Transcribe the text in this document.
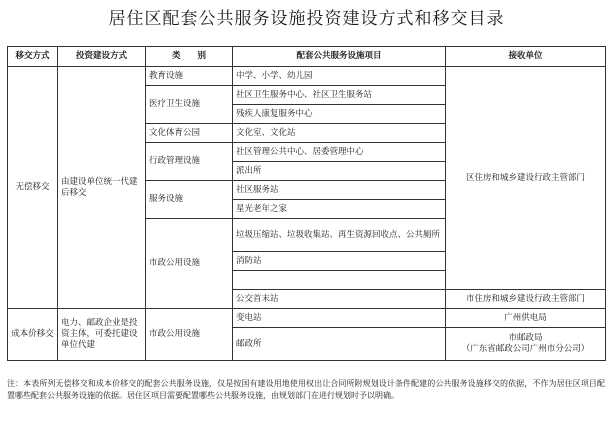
居住区配套公共服务设施投资建设方式和移交目录
移交方式	投资建设方式	类　　别	配套公共服务设施项目	接收单位
无偿移交	由建设单位统一代建后移交	教育设施	中学、小学、幼儿园	区住房和城乡建设行政主管部门
		医疗卫生设施	社区卫生服务中心、社区卫生服务站	
			残疾人康复服务中心	
		文化体育公园	文化室、文化站	
		行政管理设施	社区管理公共中心、居委管理中心	
			派出所	
		服务设施	社区服务站	
			星光老年之家	
		市政公用设施	垃圾压缩站、垃圾收集站、再生资源回收点、公共厕所	
			消防站	

			公交首末站	市住房和城乡建设行政主管部门
成本价移交	电力、邮政企业是投资主体，可委托建设单位代建	市政公用设施	变电站	广州供电局
			邮政所	市邮政局
（广东省邮政公司广州市分公司）
注：本表所列无偿移交和成本价移交的配套公共服务设施，仅是按国有建设用地使用权出让合同所附规划设计条件配建的公共服务设施移交的依据，不作为居住区项目配置哪些配套公共服务设施的依据。居住区项目需要配置哪些公共服务设施，由规划部门在进行规划时予以明确。
